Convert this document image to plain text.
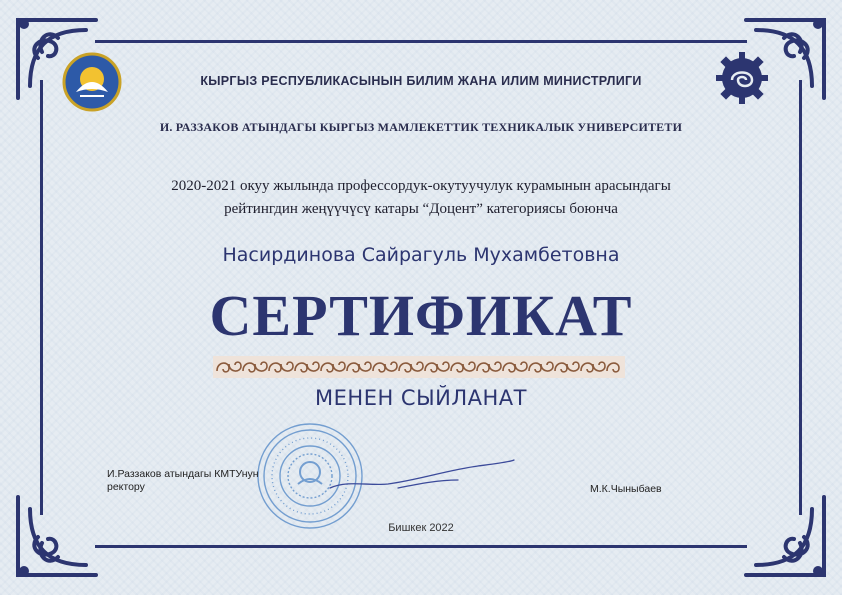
КЫРГЫЗ РЕСПУБЛИКАСЫНЫН БИЛИМ ЖАНА ИЛИМ МИНИСТРЛИГИ
И. РАЗЗАКОВ АТЫНДАГЫ КЫРГЫЗ МАМЛЕКЕТТИК ТЕХНИКАЛЫК УНИВЕРСИТЕТИ
2020-2021 окуу жылында профессордук-окутуучулук курамынын арасындагы
рейтингдин жеңүүчүсү катары “Доцент” категориясы боюнча
Насирдинова Сайрагуль Мухамбетовна
СЕРТИФИКАТ
МЕНЕН СЫЙЛАНАТ
И.Раззаков атындагы КМТУнун
ректору	М.К.Чыныбаев
Бишкек 2022
